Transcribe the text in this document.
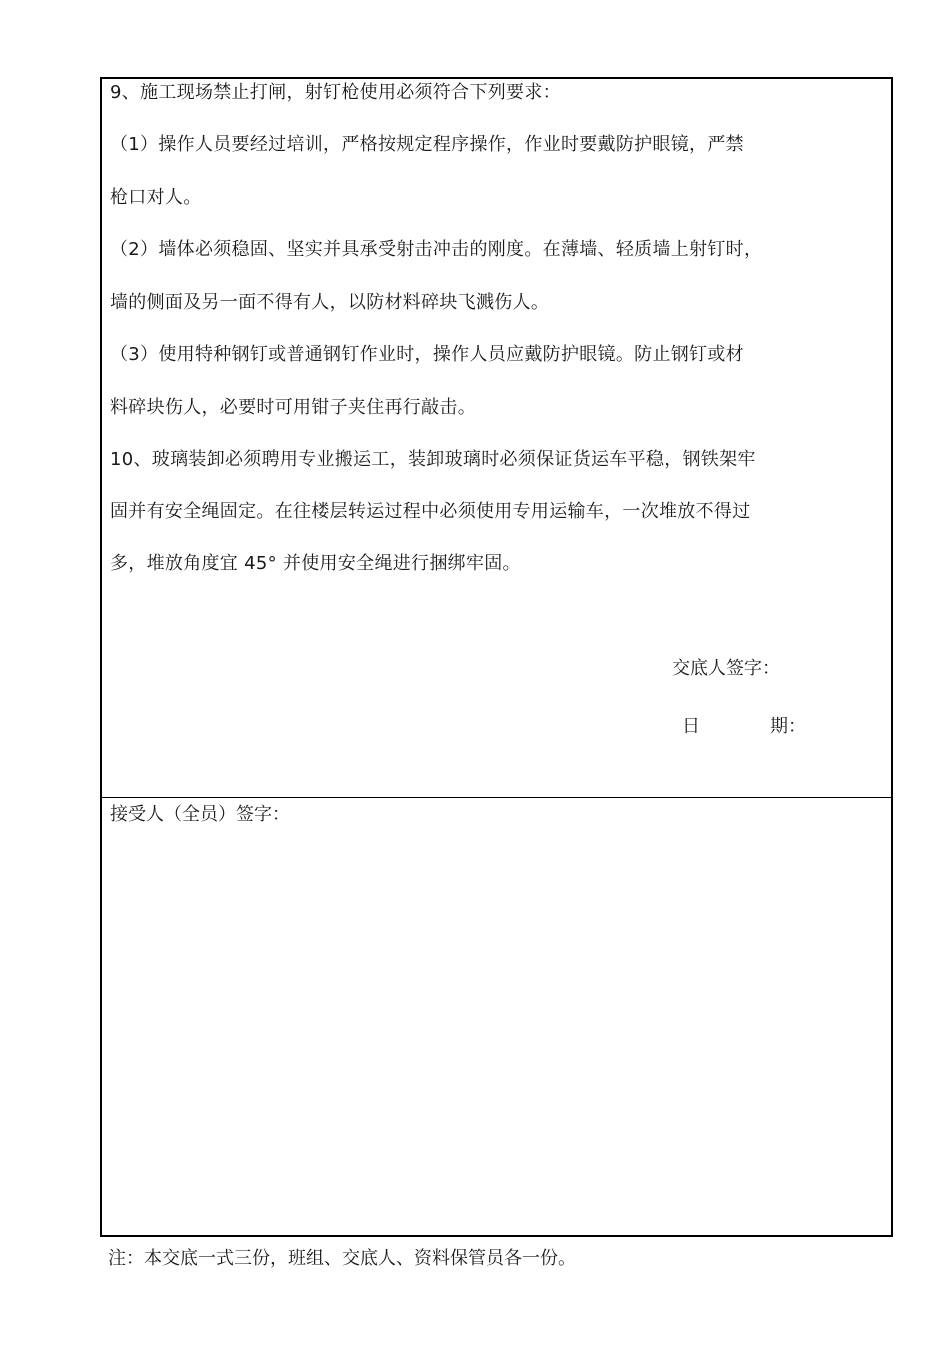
9、施工现场禁止打闸，射钉枪使用必须符合下列要求：
（1）操作人员要经过培训，严格按规定程序操作，作业时要戴防护眼镜，严禁
枪口对人。
（2）墙体必须稳固、坚实并具承受射击冲击的刚度。在薄墙、轻质墙上射钉时，
墙的侧面及另一面不得有人，以防材料碎块飞溅伤人。
（3）使用特种钢钉或普通钢钉作业时，操作人员应戴防护眼镜。防止钢钉或材
料碎块伤人，必要时可用钳子夹住再行敲击。
10、玻璃装卸必须聘用专业搬运工，装卸玻璃时必须保证货运车平稳，钢铁架牢
固并有安全绳固定。在往楼层转运过程中必须使用专用运输车，一次堆放不得过
多，堆放角度宜 45° 并使用安全绳进行捆绑牢固。
交底人签字：
日	期：
接受人（全员）签字：
注：本交底一式三份，班组、交底人、资料保管员各一份。
